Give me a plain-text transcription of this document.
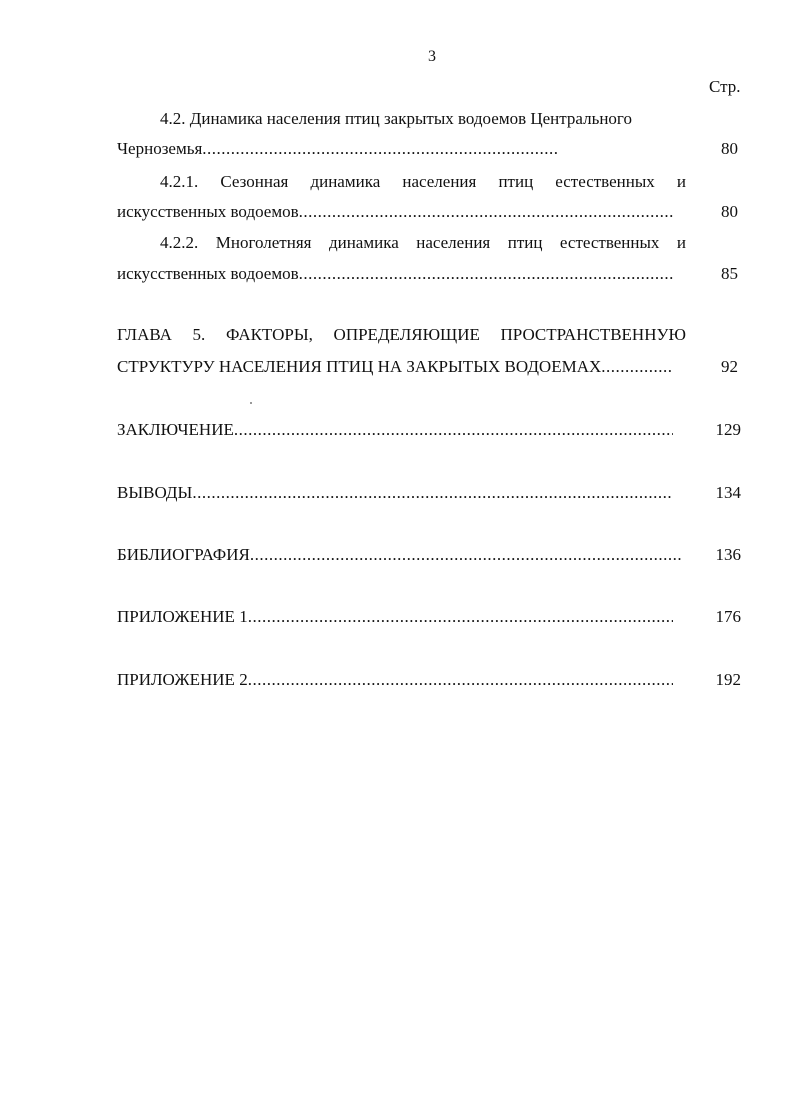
3
Стр.
4.2. Динамика населения птиц закрытых водоемов Центрального
Черноземья .....	80
4.2.1. Сезонная динамика населения птиц естественных и
искусственных водоемов .....	80
4.2.2. Многолетняя динамика населения птиц естественных и
искусственных водоемов .....	85
ГЛАВА 5. ФАКТОРЫ, ОПРЕДЕЛЯЮЩИЕ ПРОСТРАНСТВЕННУЮ
СТРУКТУРУ НАСЕЛЕНИЯ ПТИЦ НА ЗАКРЫТЫХ ВОДОЕМАХ .....	92
ЗАКЛЮЧЕНИЕ .....	129
ВЫВОДЫ .....	134
БИБЛИОГРАФИЯ .....	136
ПРИЛОЖЕНИЕ 1 .....	176
ПРИЛОЖЕНИЕ 2 .....	192
